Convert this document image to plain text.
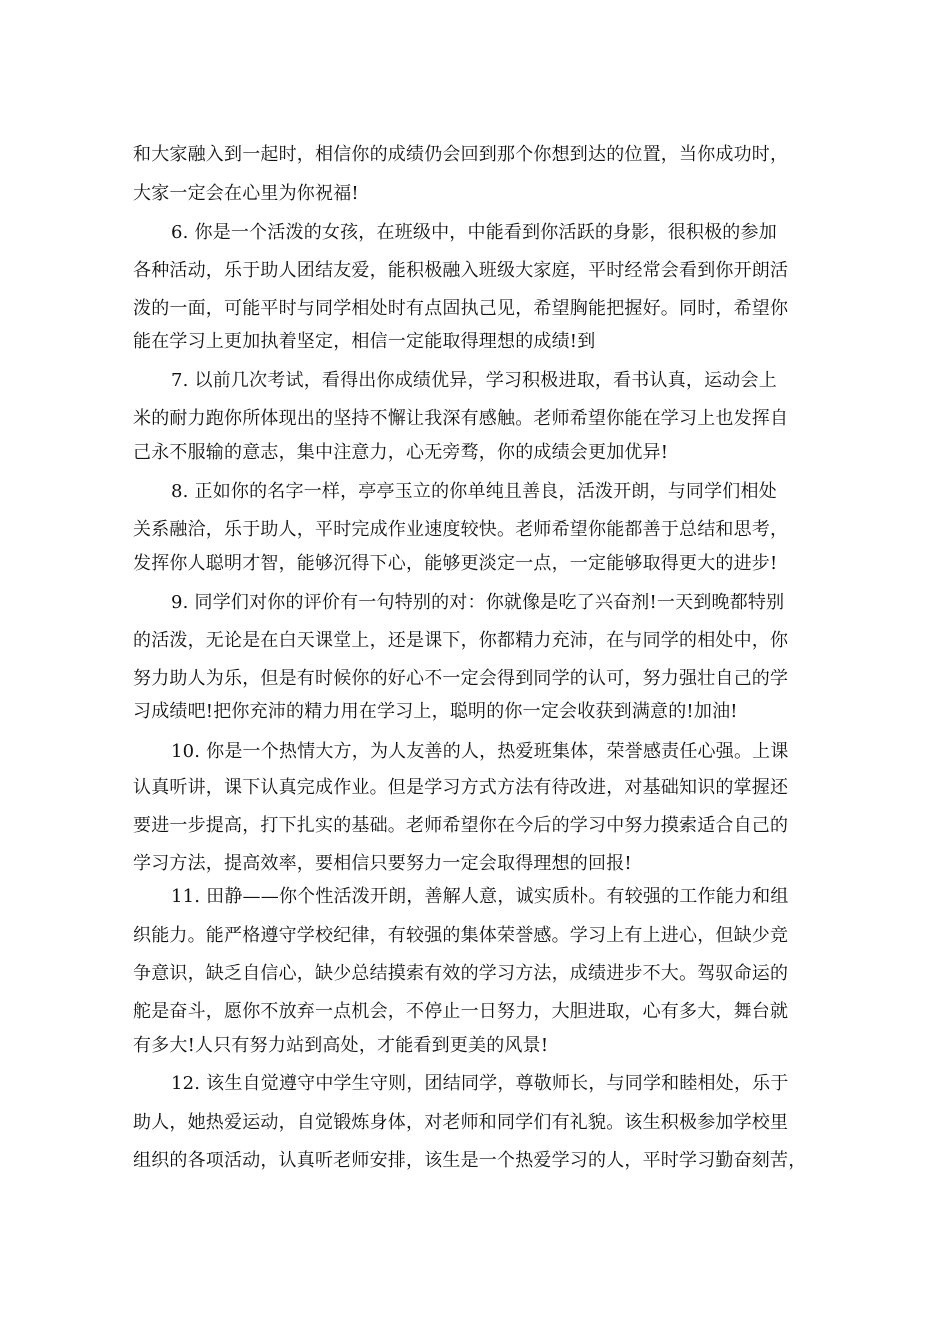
和大家融入到一起时，相信你的成绩仍会回到那个你想到达的位置，当你成功时，
大家一定会在心里为你祝福!
6. 你是一个活泼的女孩，在班级中，中能看到你活跃的身影，很积极的参加
各种活动，乐于助人团结友爱，能积极融入班级大家庭，平时经常会看到你开朗活
泼的一面，可能平时与同学相处时有点固执己见，希望胸能把握好。同时，希望你
能在学习上更加执着坚定，相信一定能取得理想的成绩!到
7. 以前几次考试，看得出你成绩优异，学习积极进取，看书认真，运动会上
米的耐力跑你所体现出的坚持不懈让我深有感触。老师希望你能在学习上也发挥自
己永不服输的意志，集中注意力，心无旁骛，你的成绩会更加优异!
8. 正如你的名字一样，亭亭玉立的你单纯且善良，活泼开朗，与同学们相处
关系融洽，乐于助人，平时完成作业速度较快。老师希望你能都善于总结和思考，
发挥你人聪明才智，能够沉得下心，能够更淡定一点，一定能够取得更大的进步!
9. 同学们对你的评价有一句特别的对：你就像是吃了兴奋剂!一天到晚都特别
的活泼，无论是在白天课堂上，还是课下，你都精力充沛，在与同学的相处中，你
努力助人为乐，但是有时候你的好心不一定会得到同学的认可，努力强壮自己的学
习成绩吧!把你充沛的精力用在学习上，聪明的你一定会收获到满意的!加油!
10. 你是一个热情大方，为人友善的人，热爱班集体，荣誉感责任心强。上课
认真听讲，课下认真完成作业。但是学习方式方法有待改进，对基础知识的掌握还
要进一步提高，打下扎实的基础。老师希望你在今后的学习中努力摸索适合自己的
学习方法，提高效率，要相信只要努力一定会取得理想的回报!
11. 田静——你个性活泼开朗，善解人意，诚实质朴。有较强的工作能力和组
织能力。能严格遵守学校纪律，有较强的集体荣誉感。学习上有上进心，但缺少竞
争意识，缺乏自信心，缺少总结摸索有效的学习方法，成绩进步不大。驾驭命运的
舵是奋斗，愿你不放弃一点机会，不停止一日努力，大胆进取，心有多大，舞台就
有多大!人只有努力站到高处，才能看到更美的风景!
12. 该生自觉遵守中学生守则，团结同学，尊敬师长，与同学和睦相处，乐于
助人，她热爱运动，自觉锻炼身体，对老师和同学们有礼貌。该生积极参加学校里
组织的各项活动，认真听老师安排，该生是一个热爱学习的人，平时学习勤奋刻苦，
